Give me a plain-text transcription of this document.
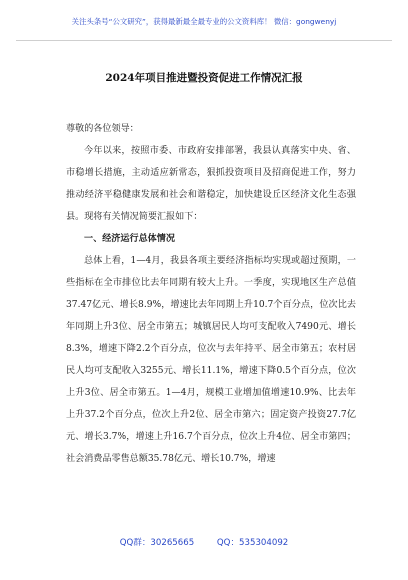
关注头条号“公文研究”，获得最新最全最专业的公文资料库！ 微信：gongwenyj
2024年项目推进暨投资促进工作情况汇报

尊敬的各位领导：

今年以来，按照市委、市政府安排部署，我县认真落实中央、省、市稳增长措施，主动适应新常态，狠抓投资项目及招商促进工作，努力推动经济平稳健康发展和社会和谐稳定，加快建设丘区经济文化生态强县。现将有关情况简要汇报如下：

一、经济运行总体情况

总体上看，1—4月，我县各项主要经济指标均实现或超过预期，一些指标在全市排位比去年同期有较大上升。一季度，实现地区生产总值37.47亿元、增长8.9%，增速比去年同期上升10.7个百分点，位次比去年同期上升3位、居全市第五；城镇居民人均可支配收入7490元、增长8.3%，增速下降2.2个百分点，位次与去年持平、居全市第五；农村居民人均可支配收入3255元、增长11.1%，增速下降0.5个百分点，位次上升3位、居全市第五。1—4月，规模工业增加值增速10.9%、比去年上升37.2个百分点，位次上升2位、居全市第六；固定资产投资27.7亿元、增长3.7%，增速上升16.7个百分点，位次上升4位、居全市第四；社会消费品零售总额35.78亿元、增长10.7%，增速

QQ群：30265665	QQ：535304092
